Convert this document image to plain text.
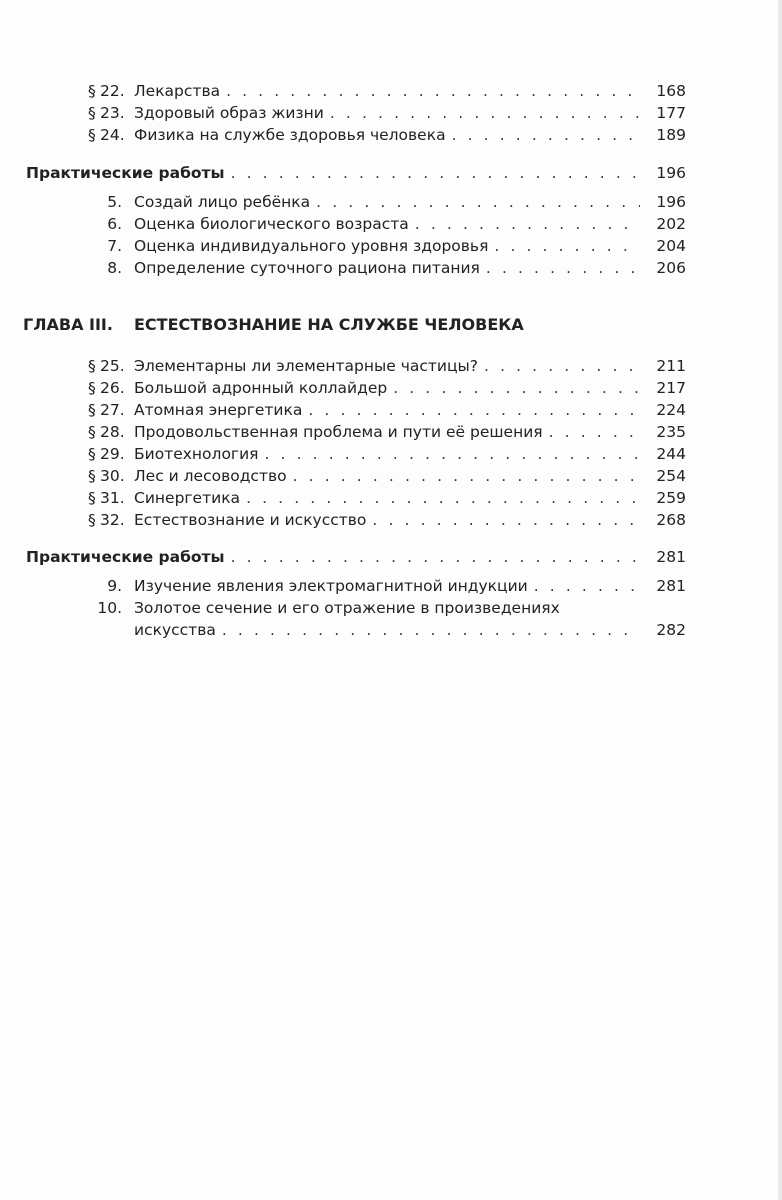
§ 22. Лекарства . . .	168
§ 23. Здоровый образ жизни . . .	177
§ 24. Физика на службе здоровья человека . . .	189
Практические работы . . .	196
5. Создай лицо ребёнка . . .	196
6. Оценка биологического возраста . . .	202
7. Оценка индивидуального уровня здоровья . . .	204
8. Определение суточного рациона питания . . .	206
ГЛАВА III. ЕСТЕСТВОЗНАНИЕ НА СЛУЖБЕ ЧЕЛОВЕКА
§ 25. Элементарны ли элементарные частицы? . . .	211
§ 26. Большой адронный коллайдер . . .	217
§ 27. Атомная энергетика . . .	224
§ 28. Продовольственная проблема и пути её решения . . .	235
§ 29. Биотехнология . . .	244
§ 30. Лес и лесоводство . . .	254
§ 31. Синергетика . . .	259
§ 32. Естествознание и искусство . . .	268
Практические работы . . .	281
9. Изучение явления электромагнитной индукции . . .	281
10. Золотое сечение и его отражение в произведениях
искусства . . .	282
